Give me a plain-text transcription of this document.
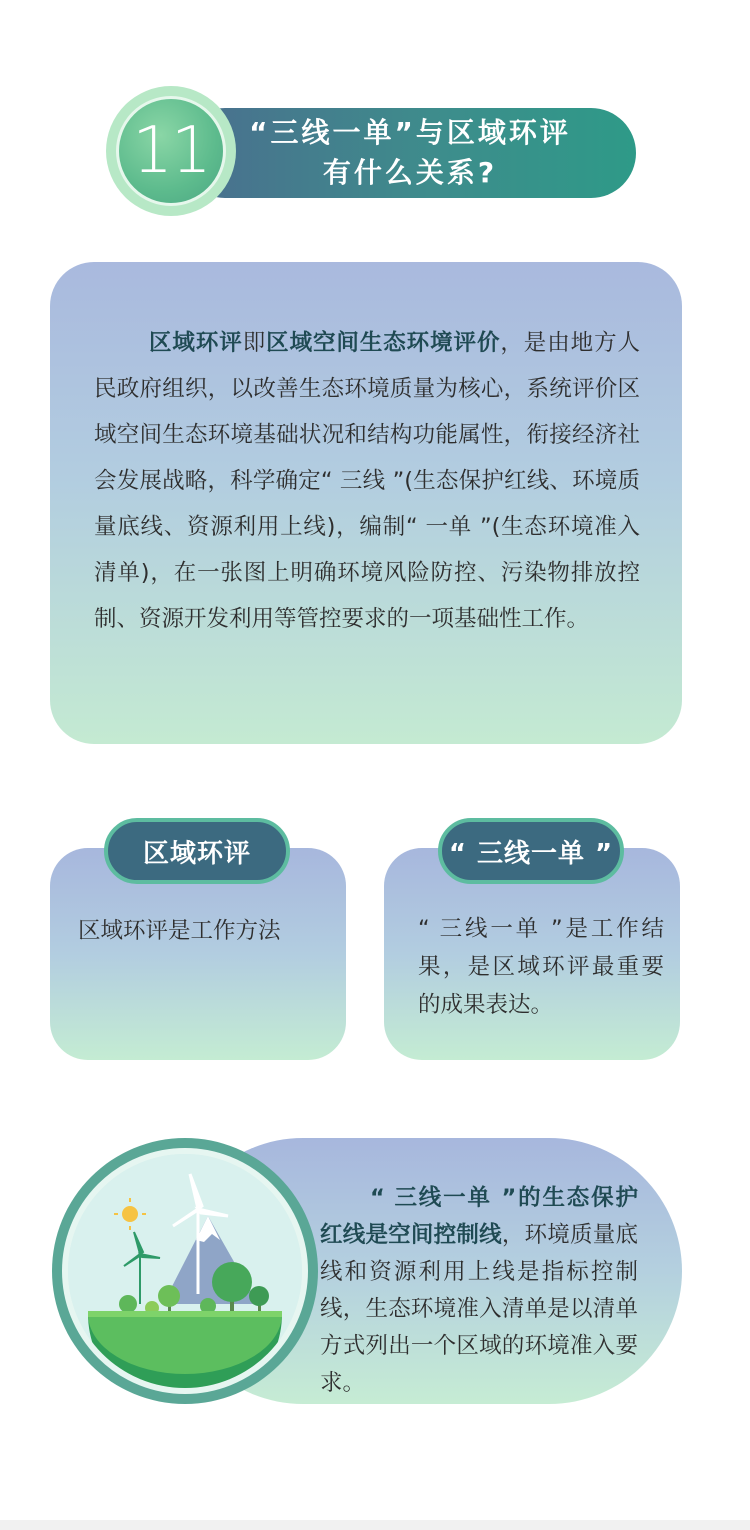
“三线一单”与区域环评
有什么关系?
11
区域环评即区域空间生态环境评价，是由地方人民政府组织，以改善生态环境质量为核心，系统评价区域空间生态环境基础状况和结构功能属性，衔接经济社会发展战略，科学确定“ 三线 ”(生态保护红线、环境质量底线、资源利用上线)，编制“ 一单 ”(生态环境准入清单)，在一张图上明确环境风险防控、污染物排放控制、资源开发利用等管控要求的一项基础性工作。
区域环评
区域环评是工作方法
“ 三线一单 ”
“ 三线一单 ”是工作结果，是区域环评最重要的成果表达。
“ 三线一单 ”的生态保护红线是空间控制线，环境质量底线和资源利用上线是指标控制线，生态环境准入清单是以清单方式列出一个区域的环境准入要求。
